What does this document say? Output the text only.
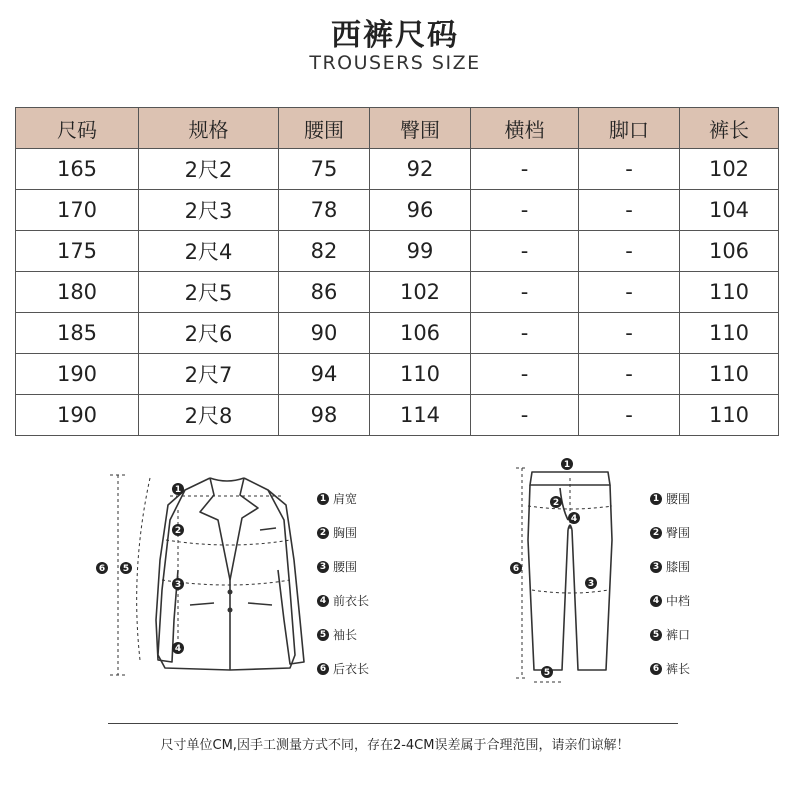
西裤尺码
TROUSERS SIZE
尺码	规格	腰围	臀围	横档	脚口	裤长
165	2尺2	75	92	-	-	102
170	2尺3	78	96	-	-	104
175	2尺4	82	99	-	-	106
180	2尺5	86	102	-	-	110
185	2尺6	90	106	-	-	110
190	2尺7	94	110	-	-	110
190	2尺8	98	114	-	-	110
1
2
3
4
5
6
1 肩宽
2 胸围
3 腰围
4 前衣长
5 袖长
6 后衣长
1
2
3
4
5
6
1 腰围
2 臀围
3 膝围
4 中档
5 裤口
6 裤长
尺寸单位CM,因手工测量方式不同，存在2-4CM误差属于合理范围，请亲们谅解！
